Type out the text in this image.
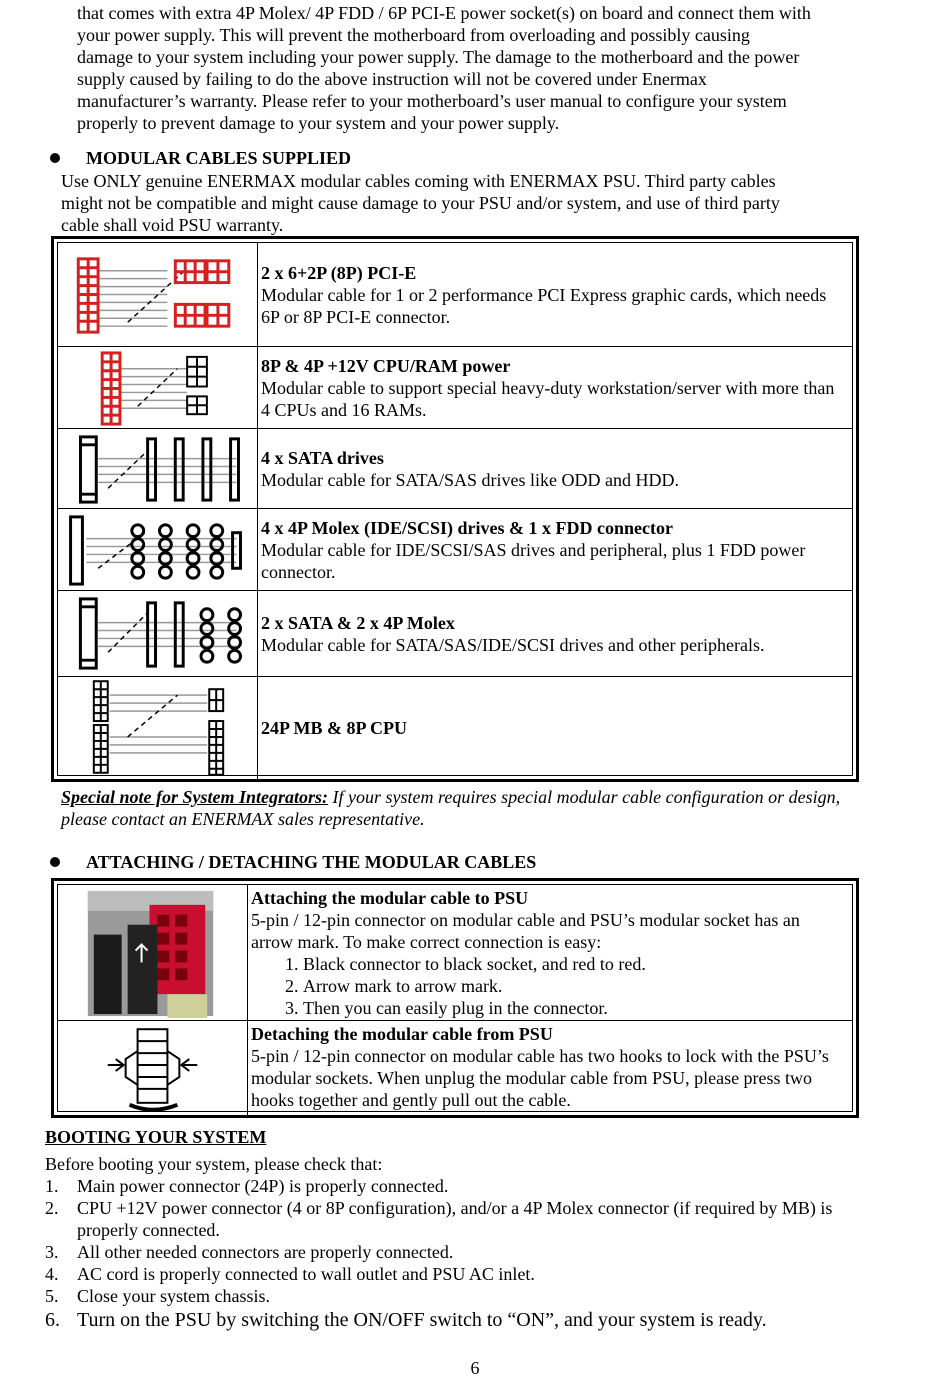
that comes with extra 4P Molex/ 4P FDD / 6P PCI-E power socket(s) on board and connect them with

your power supply. This will prevent the motherboard from overloading and possibly causing

damage to your system including your power supply. The damage to the motherboard and the power

supply caused by failing to do the above instruction will not be covered under Enermax

manufacturer’s warranty. Please refer to your motherboard’s user manual to configure your system

properly to prevent damage to your system and your power supply.

MODULAR CABLES SUPPLIED

Use ONLY genuine ENERMAX modular cables coming with ENERMAX PSU. Third party cables

might not be compatible and might cause damage to your PSU and/or system, and use of third party

cable shall void PSU warranty.

2 x 6+2P (8P) PCI-E
Modular cable for 1 or 2 performance PCI Express graphic cards, which needs 6P or 8P PCI-E connector.
8P & 4P +12V CPU/RAM power
Modular cable to support special heavy-duty workstation/server with more than 4 CPUs and 16 RAMs.
4 x SATA drives
Modular cable for SATA/SAS drives like ODD and HDD.
4 x 4P Molex (IDE/SCSI) drives & 1 x FDD connector
Modular cable for IDE/SCSI/SAS drives and peripheral, plus 1 FDD power connector.
2 x SATA & 2 x 4P Molex
Modular cable for SATA/SAS/IDE/SCSI drives and other peripherals.
24P MB & 8P CPU
Special note for System Integrators: If your system requires special modular cable configuration or design, please contact an ENERMAX sales representative.
ATTACHING / DETACHING THE MODULAR CABLES
Attaching the modular cable to PSU
5-pin / 12-pin connector on modular cable and PSU’s modular socket has an arrow mark. To make correct connection is easy:
1. Black connector to black socket, and red to red.
2. Arrow mark to arrow mark.
3. Then you can easily plug in the connector.
Detaching the modular cable from PSU
5-pin / 12-pin connector on modular cable has two hooks to lock with the PSU’s modular sockets. When unplug the modular cable from PSU, please press two hooks together and gently pull out the cable.
BOOTING YOUR SYSTEM
Before booting your system, please check that:
1. Main power connector (24P) is properly connected.
2. CPU +12V power connector (4 or 8P configuration), and/or a 4P Molex connector (if required by MB) is properly connected.
3. All other needed connectors are properly connected.
4. AC cord is properly connected to wall outlet and PSU AC inlet.
5. Close your system chassis.
6. Turn on the PSU by switching the ON/OFF switch to “ON”, and your system is ready.
6
